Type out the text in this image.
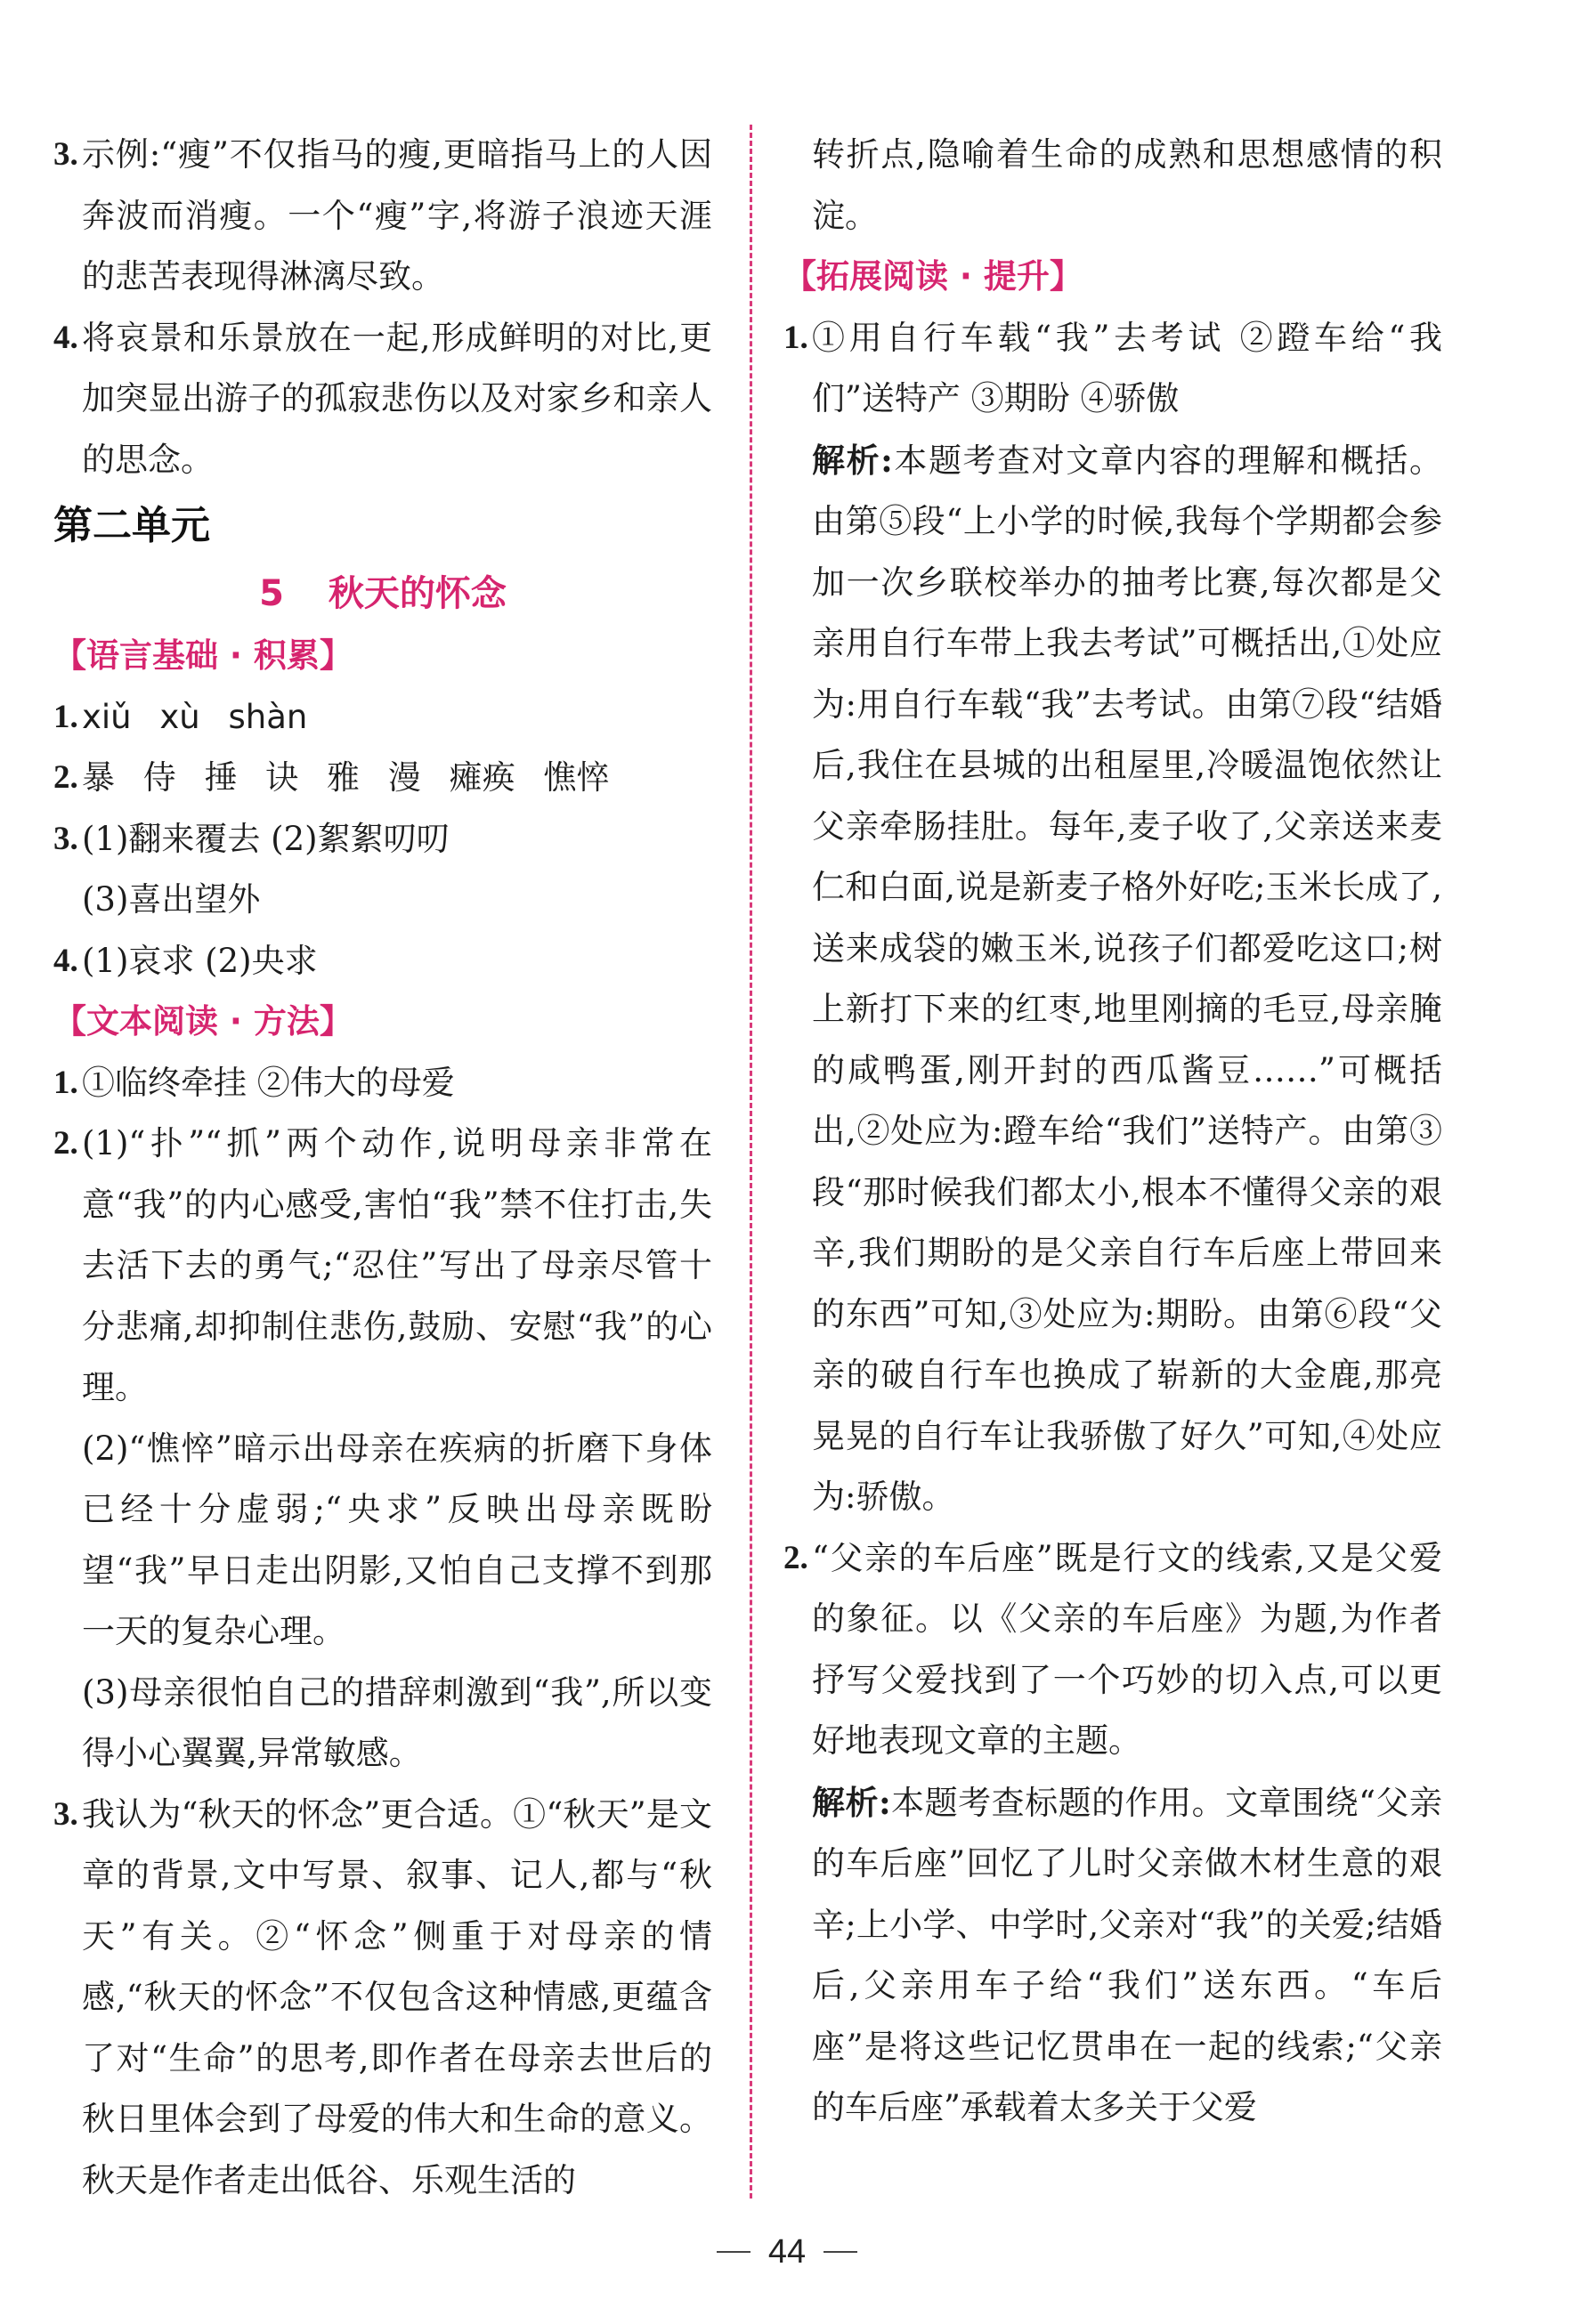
3. 示例:“瘦”不仅指马的瘦,更暗指马上的人因奔波而消瘦。一个“瘦”字,将游子浪迹天涯的悲苦表现得淋漓尽致。

4. 将哀景和乐景放在一起,形成鲜明的对比,更加突显出游子的孤寂悲伤以及对家乡和亲人的思念。

第二单元
5 秋天的怀念
【语言基础 · 积累】

1. xiǔ xù shàn

2. 暴 侍 捶 诀 雅 漫 瘫痪 憔悴

3. (1)翻来覆去 (2)絮絮叨叨

(3)喜出望外

4. (1)哀求 (2)央求

【文本阅读 · 方法】

1. ①临终牵挂 ②伟大的母爱

2. (1)“扑”“抓”两个动作,说明母亲非常在意“我”的内心感受,害怕“我”禁不住打击,失去活下去的勇气;“忍住”写出了母亲尽管十分悲痛,却抑制住悲伤,鼓励、安慰“我”的心理。

(2)“憔悴”暗示出母亲在疾病的折磨下身体已经十分虚弱;“央求”反映出母亲既盼望“我”早日走出阴影,又怕自己支撑不到那一天的复杂心理。

(3)母亲很怕自己的措辞刺激到“我”,所以变得小心翼翼,异常敏感。

3. 我认为“秋天的怀念”更合适。①“秋天”是文章的背景,文中写景、叙事、记人,都与“秋天”有关。②“怀念”侧重于对母亲的情感,“秋天的怀念”不仅包含这种情感,更蕴含了对“生命”的思考,即作者在母亲去世后的秋日里体会到了母爱的伟大和生命的意义。秋天是作者走出低谷、乐观生活的

转折点,隐喻着生命的成熟和思想感情的积淀。

【拓展阅读 · 提升】

1. ①用自行车载“我”去考试 ②蹬车给“我们”送特产 ③期盼 ④骄傲

解析:本题考查对文章内容的理解和概括。由第⑤段“上小学的时候,我每个学期都会参加一次乡联校举办的抽考比赛,每次都是父亲用自行车带上我去考试”可概括出,①处应为:用自行车载“我”去考试。由第⑦段“结婚后,我住在县城的出租屋里,冷暖温饱依然让父亲牵肠挂肚。每年,麦子收了,父亲送来麦仁和白面,说是新麦子格外好吃;玉米长成了,送来成袋的嫩玉米,说孩子们都爱吃这口;树上新打下来的红枣,地里刚摘的毛豆,母亲腌的咸鸭蛋,刚开封的西瓜酱豆……”可概括出,②处应为:蹬车给“我们”送特产。由第③段“那时候我们都太小,根本不懂得父亲的艰辛,我们期盼的是父亲自行车后座上带回来的东西”可知,③处应为:期盼。由第⑥段“父亲的破自行车也换成了崭新的大金鹿,那亮晃晃的自行车让我骄傲了好久”可知,④处应为:骄傲。

2. “父亲的车后座”既是行文的线索,又是父爱的象征。以《父亲的车后座》为题,为作者抒写父爱找到了一个巧妙的切入点,可以更好地表现文章的主题。

解析:本题考查标题的作用。文章围绕“父亲的车后座”回忆了儿时父亲做木材生意的艰辛;上小学、中学时,父亲对“我”的关爱;结婚后,父亲用车子给“我们”送东西。“车后座”是将这些记忆贯串在一起的线索;“父亲的车后座”承载着太多关于父爱

44
